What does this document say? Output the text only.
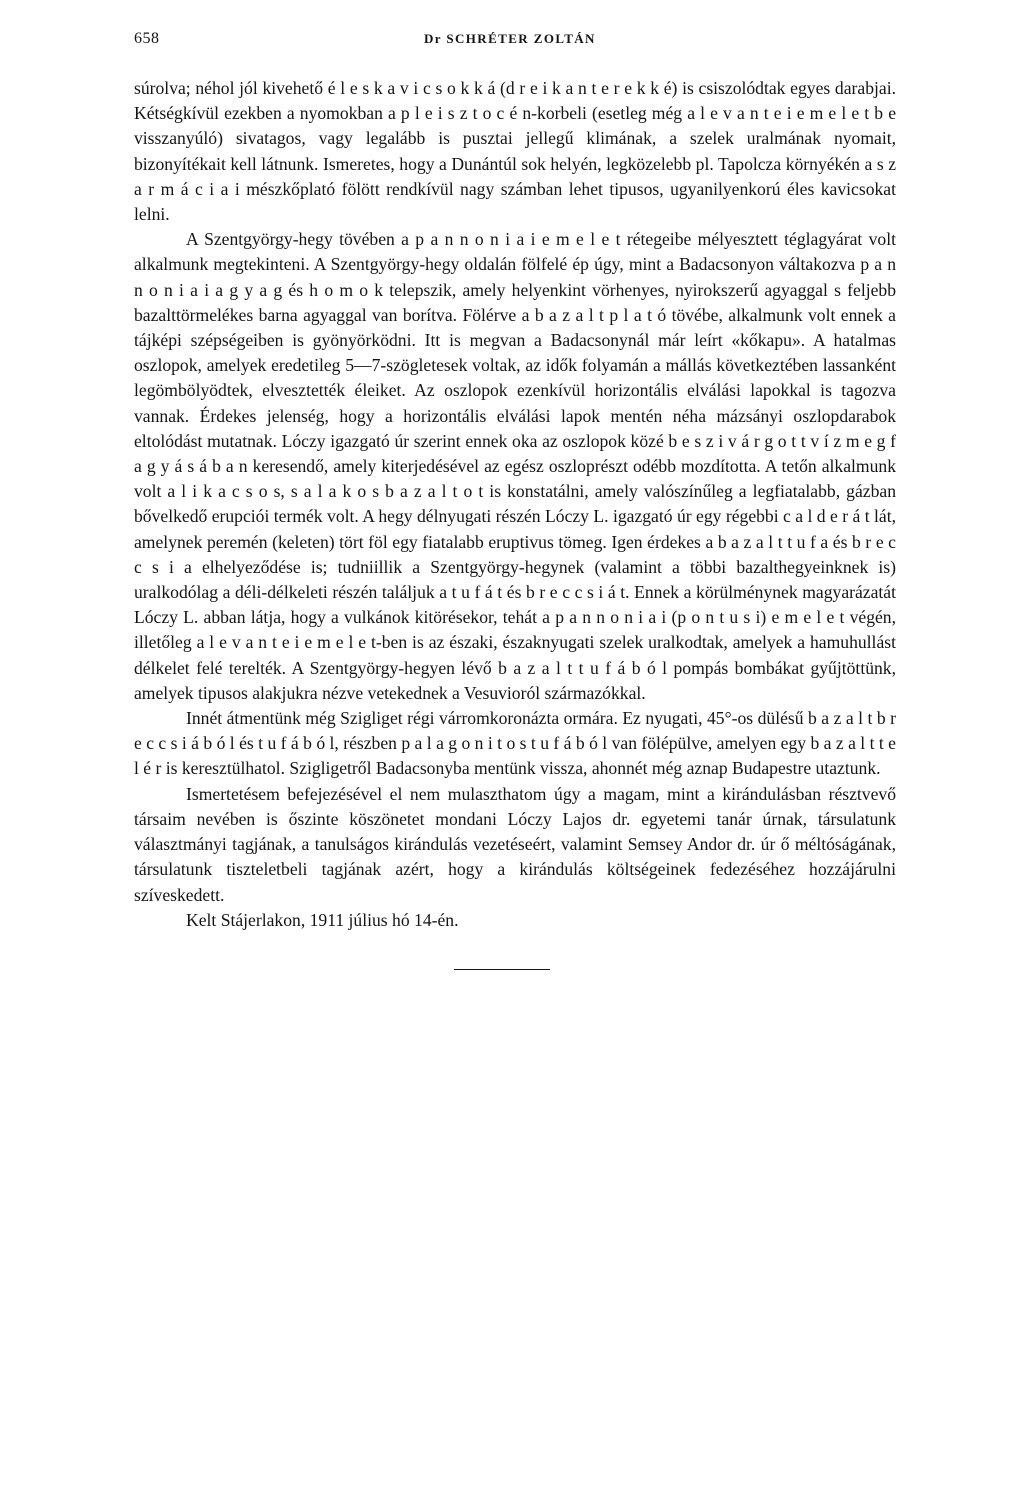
658	Dr SCHRÉTER ZOLTÁN

súrolva; néhol jól kivehető é l e s k a v i c s o k k á (d r e i k a n t e r e k k é) is csiszolódtak egyes darabjai. Kétségkívül ezekben a nyomokban a p l e i s z t o c é n-korbeli (esetleg még a l e v a n t e i e m e l e t b e visszanyúló) sivatagos, vagy legalább is pusztai jellegű klimának, a szelek uralmának nyomait, bizonyítékait kell látnunk. Ismeretes, hogy a Dunántúl sok helyén, legközelebb pl. Tapolcza környékén a s z a r m á c i a i mészkőplató fölött rendkívül nagy számban lehet tipusos, ugyanilyenkorú éles kavicsokat lelni.

A Szentgyörgy-hegy tövében a p a n n o n i a i e m e l e t rétegeibe mélyesztett téglagyárat volt alkalmunk megtekinteni. A Szentgyörgy-hegy oldalán fölfelé ép úgy, mint a Badacsonyon váltakozva p a n n o n i a i a g y a g és h o m o k telepszik, amely helyenkint vörhenyes, nyirokszerű agyaggal s feljebb bazalttörmelékes barna agyaggal van borítva. Fölérve a b a z a l t p l a t ó tövébe, alkalmunk volt ennek a tájképi szépségeiben is gyönyörködni. Itt is megvan a Badacsonynál már leírt «kőkapu». A hatalmas oszlopok, amelyek eredetileg 5—7-szögletesek voltak, az idők folyamán a mállás következtében lassanként legömbölyödtek, elvesztették éleiket. Az oszlopok ezenkívül horizontális elválási lapokkal is tagozva vannak. Érdekes jelenség, hogy a horizontális elválási lapok mentén néha mázsányi oszlopdarabok eltolódást mutatnak. Lóczy igazgató úr szerint ennek oka az oszlopok közé b e s z i v á r g o t t v í z m e g f a g y á s á b a n keresendő, amely kiterjedésével az egész oszloprészt odébb mozdította. A tetőn alkalmunk volt a l i k a c s o s, s a l a k o s b a z a l t o t is konstatálni, amely valószínűleg a legfiatalabb, gázban bővelkedő erupciói termék volt. A hegy délnyugati részén Lóczy L. igazgató úr egy régebbi c a l d e r á t lát, amelynek peremén (keleten) tört föl egy fiatalabb eruptivus tömeg. Igen érdekes a b a z a l t t u f a és b r e c c s i a elhelyeződése is; tudniillik a Szentgyörgy-hegynek (valamint a többi bazalthegyeinknek is) uralkodólag a déli-délkeleti részén találjuk a t u f á t és b r e c c s i á t. Ennek a körülménynek magyarázatát Lóczy L. abban látja, hogy a vulkánok kitörésekor, tehát a p a n n o n i a i (p o n t u s i) e m e l e t végén, illetőleg a l e v a n t e i e m e l e t-ben is az északi, északnyugati szelek uralkodtak, amelyek a hamuhullást délkelet felé terelték. A Szentgyörgy-hegyen lévő b a z a l t t u f á b ó l pompás bombákat gyűjtöttünk, amelyek tipusos alakjukra nézve vetekednek a Vesuvioról származókkal.

Innét átmentünk még Szigliget régi várromkoronázta ormára. Ez nyugati, 45°-os dülésű b a z a l t b r e c c s i á b ó l és t u f á b ó l, részben p a l a g o n i t o s t u f á b ó l van fölépülve, amelyen egy b a z a l t t e l é r is keresztülhatol. Szigligetről Badacsonyba mentünk vissza, ahonnét még aznap Budapestre utaztunk.

Ismertetésem befejezésével el nem mulaszthatom úgy a magam, mint a kirándulásban résztvevő társaim nevében is őszinte köszönetet mondani Lóczy Lajos dr. egyetemi tanár úrnak, társulatunk választmányi tagjának, a tanulságos kirándulás vezetéseért, valamint Semsey Andor dr. úr ő méltóságának, társulatunk tiszteletbeli tagjának azért, hogy a kirándulás költségeinek fedezéséhez hozzájárulni szíveskedett.

Kelt Stájerlakon, 1911 július hó 14-én.
